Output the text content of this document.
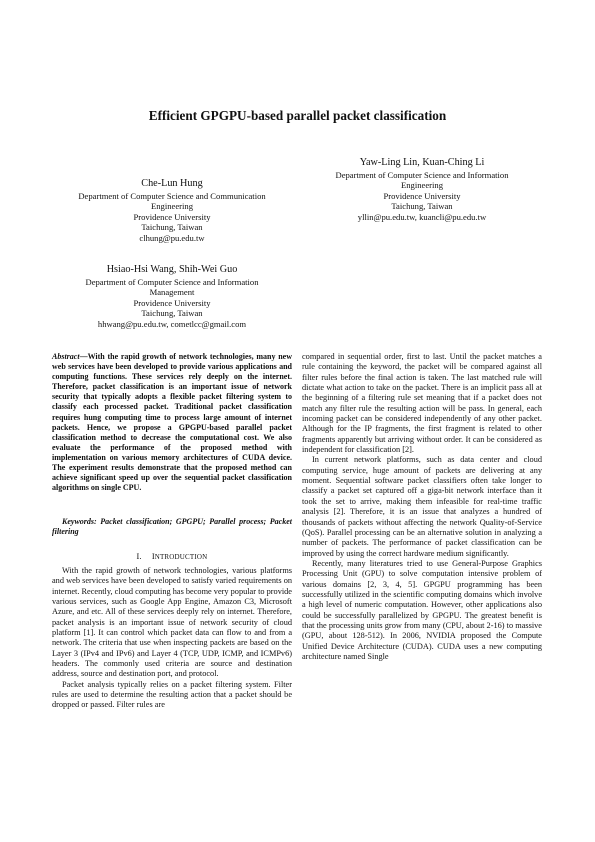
Efficient GPGPU-based parallel packet classification
Che-Lun Hung
Department of Computer Science and Communication
Engineering
Providence University
Taichung, Taiwan
clhung@pu.edu.tw
Yaw-Ling Lin, Kuan-Ching Li
Department of Computer Science and Information
Engineering
Providence University
Taichung, Taiwan
yllin@pu.edu.tw, kuancli@pu.edu.tw
Hsiao-Hsi Wang, Shih-Wei Guo
Department of Computer Science and Information
Management
Providence University
Taichung, Taiwan
hhwang@pu.edu.tw, cometlcc@gmail.com
Abstract—With the rapid growth of network technologies, many new web services have been developed to provide various applications and computing functions. These services rely deeply on the internet. Therefore, packet classification is an important issue of network security that typically adopts a flexible packet filtering system to classify each processed packet. Traditional packet classification requires hung computing time to process large amount of internet packets. Hence, we propose a GPGPU-based parallel packet classification method to decrease the computational cost. We also evaluate the performance of the proposed method with implementation on various memory architectures of CUDA device. The experiment results demonstrate that the proposed method can achieve significant speed up over the sequential packet classification algorithms on single CPU.
Keywords: Packet classification; GPGPU; Parallel process; Packet filtering
I. INTRODUCTION

With the rapid growth of network technologies, various platforms and web services have been developed to satisfy varied requirements on internet. Recently, cloud computing has become very popular to provide various services, such as Google App Engine, Amazon C3, Microsoft Azure, and etc. All of these services deeply rely on internet. Therefore, packet analysis is an important issue of network security of cloud platform [1]. It can control which packet data can flow to and from a network. The criteria that use when inspecting packets are based on the Layer 3 (IPv4 and IPv6) and Layer 4 (TCP, UDP, ICMP, and ICMPv6) headers. The commonly used criteria are source and destination address, source and destination port, and protocol.

Packet analysis typically relies on a packet filtering system. Filter rules are used to determine the resulting action that a packet should be dropped or passed. Filter rules are

compared in sequential order, first to last. Until the packet matches a rule containing the keyword, the packet will be compared against all filter rules before the final action is taken. The last matched rule will dictate what action to take on the packet. There is an implicit pass all at the beginning of a filtering rule set meaning that if a packet does not match any filter rule the resulting action will be pass. In general, each incoming packet can be considered independently of any other packet. Although for the IP fragments, the first fragment is related to other fragments apparently but arriving without order. It can be considered as independent for classification [2].

In current network platforms, such as data center and cloud computing service, huge amount of packets are delivering at any moment. Sequential software packet classifiers often take longer to classify a packet set captured off a giga-bit network interface than it took the set to arrive, making them infeasible for real-time traffic analysis [2]. Therefore, it is an issue that analyzes a hundred of thousands of packets without affecting the network Quality-of-Service (QoS). Parallel processing can be an alternative solution in analyzing a number of packets. The performance of packet classification can be improved by using the correct hardware medium significantly.

Recently, many literatures tried to use General-Purpose Graphics Processing Unit (GPU) to solve computation intensive problem of various domains [2, 3, 4, 5]. GPGPU programming has been successfully utilized in the scientific computing domains which involve a high level of numeric computation. However, other applications also could be successfully parallelized by GPGPU. The greatest benefit is that the processing units grow from many (CPU, about 2-16) to massive (GPU, about 128-512). In 2006, NVIDIA proposed the Compute Unified Device Architecture (CUDA). CUDA uses a new computing architecture named Single
